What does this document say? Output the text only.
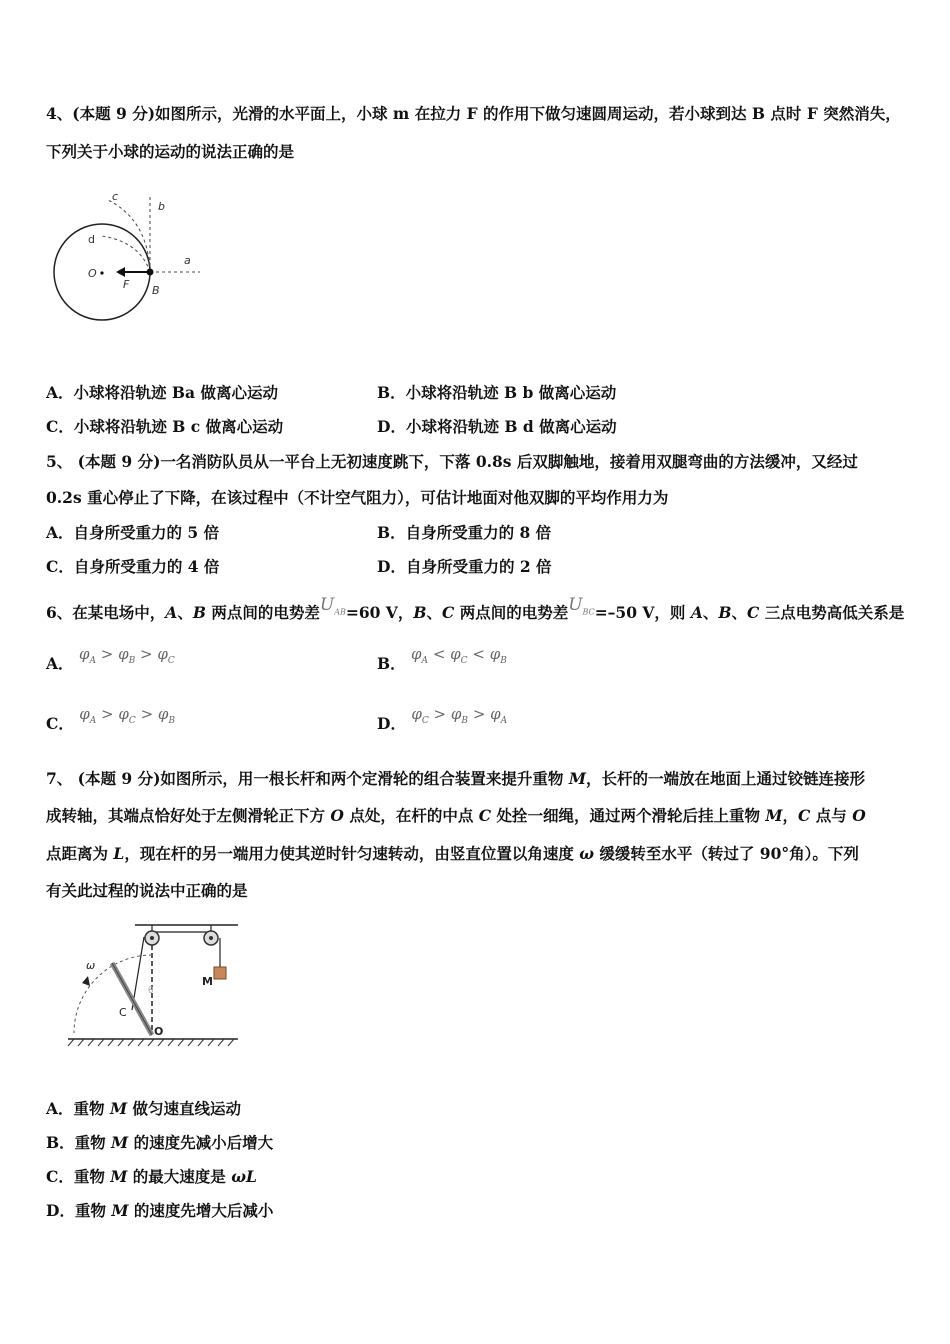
4、(本题 9 分)如图所示，光滑的水平面上，小球 m 在拉力 F 的作用下做匀速圆周运动，若小球到达 B 点时 F 突然消失，
下列关于小球的运动的说法正确的是
c
b
d
O
F
a
B
A．小球将沿轨迹 Ba 做离心运动	B．小球将沿轨迹 B b 做离心运动
C．小球将沿轨迹 B c 做离心运动	D．小球将沿轨迹 B d 做离心运动
5、 (本题 9 分)一名消防队员从一平台上无初速度跳下，下落 0.8s 后双脚触地，接着用双腿弯曲的方法缓冲，又经过
0.2s 重心停止了下降，在该过程中（不计空气阻力），可估计地面对他双脚的平均作用力为
A．自身所受重力的 5 倍	B．自身所受重力的 8 倍
C．自身所受重力的 4 倍	D．自身所受重力的 2 倍
6、在某电场中，A、B 两点间的电势差$U_{AB}=60$ V，B、C 两点间的电势差$U_{BC}=-50$ V，则 A、B、C 三点电势高低关系是
A． $\varphi_A > \varphi_B > \varphi_C$	B． $\varphi_A < \varphi_C < \varphi_B$
C． $\varphi_A > \varphi_C > \varphi_B$	D． $\varphi_C > \varphi_B > \varphi_A$
7、 (本题 9 分)如图所示，用一根长杆和两个定滑轮的组合装置来提升重物 M，长杆的一端放在地面上通过铰链连接形
成转轴，其端点恰好处于左侧滑轮正下方 O 点处，在杆的中点 C 处拴一细绳，通过两个滑轮后挂上重物 M，C 点与 O
点距离为 L，现在杆的另一端用力使其逆时针匀速转动，由竖直位置以角速度 ω 缓缓转至水平（转过了 90°角）。下列
有关此过程的说法中正确的是
ω
M
C
O
θ
A．重物 M 做匀速直线运动
B．重物 M 的速度先减小后增大
C．重物 M 的最大速度是 ωL
D．重物 M 的速度先增大后减小
